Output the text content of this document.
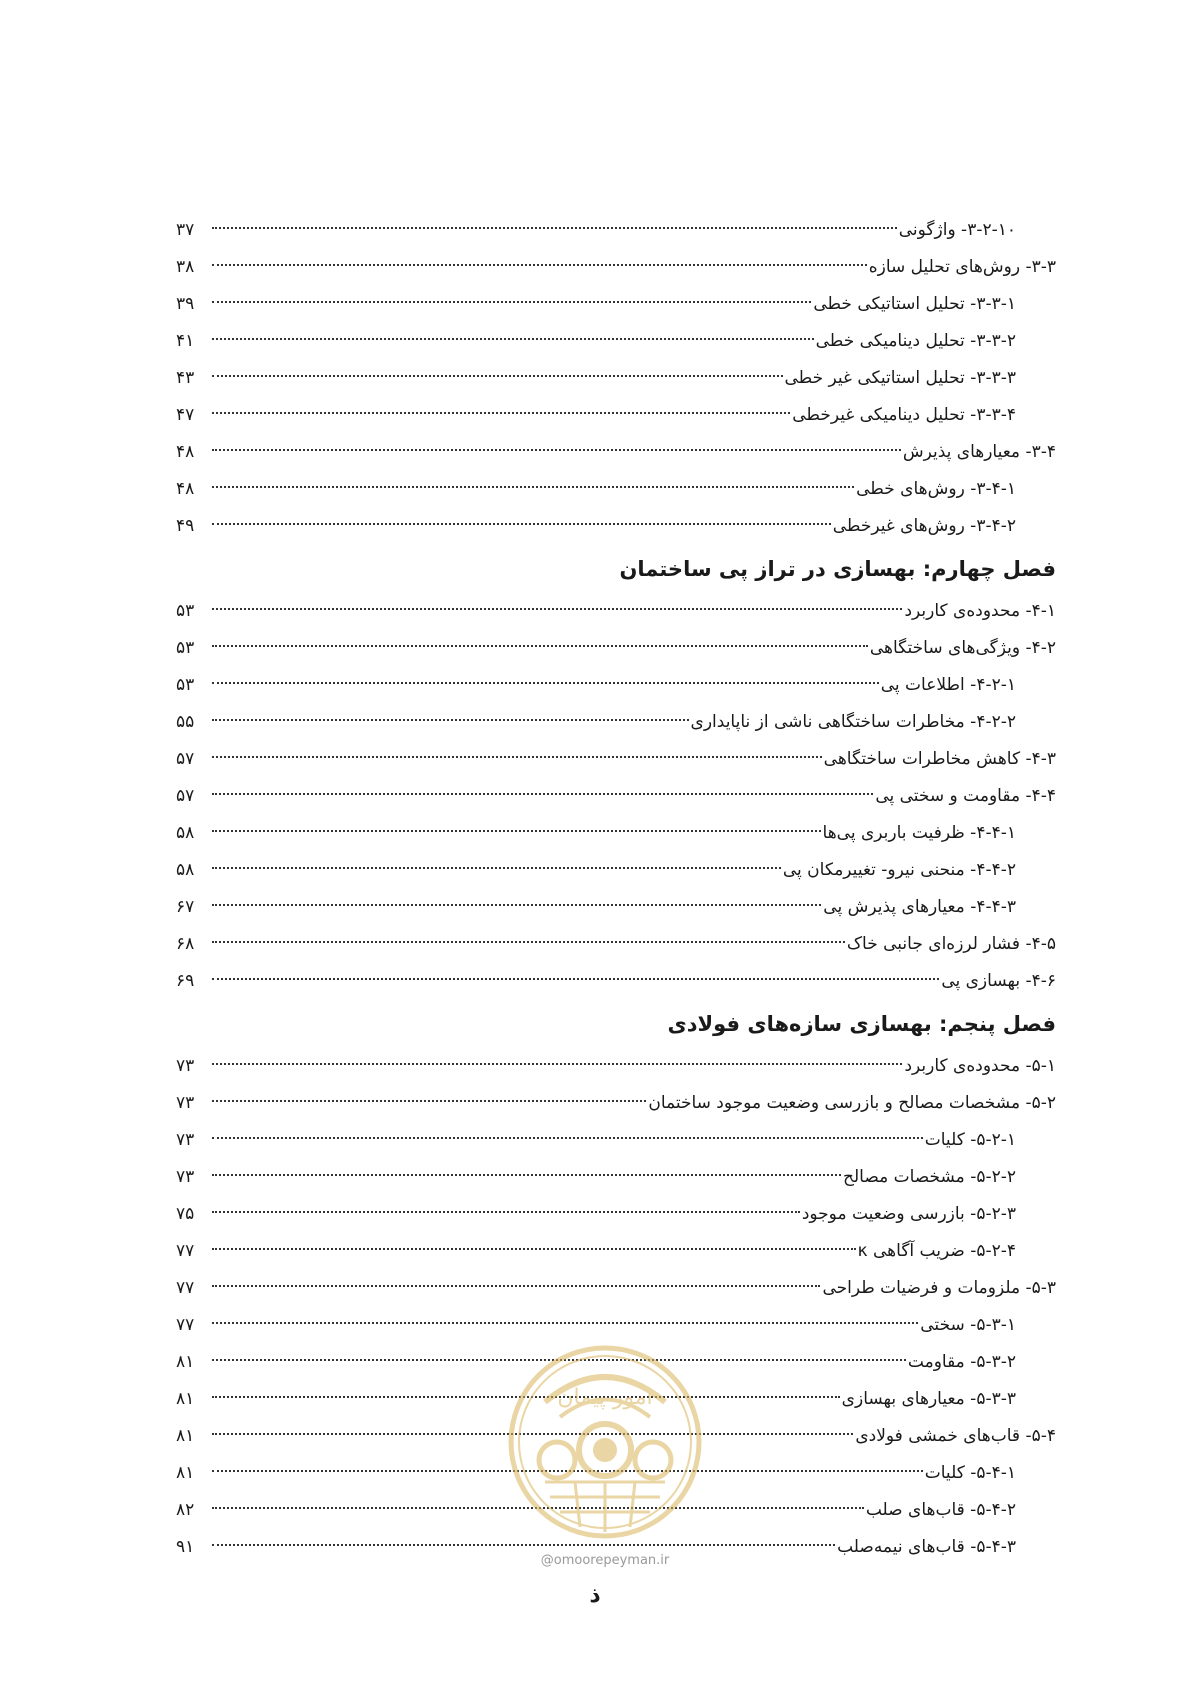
۳-۲-۱۰- واژگونی
۳۷
۳-۳- روش‌های تحلیل سازه
۳۸
۳-۳-۱- تحلیل استاتیکی خطی
۳۹
۳-۳-۲- تحلیل دینامیکی خطی
۴۱
۳-۳-۳- تحلیل استاتیکی غیر خطی
۴۳
۳-۳-۴- تحلیل دینامیکی غیرخطی
۴۷
۳-۴- معیارهای پذیرش
۴۸
۳-۴-۱- روش‌های خطی
۴۸
۳-۴-۲- روش‌های غیرخطی
۴۹
فصل چهارم: بهسازی در تراز پی ساختمان
۴-۱- محدوده‌ی کاربرد
۵۳
۴-۲- ویژگی‌های ساختگاهی
۵۳
۴-۲-۱- اطلاعات پی
۵۳
۴-۲-۲- مخاطرات ساختگاهی ناشی از ناپایداری
۵۵
۴-۳- کاهش مخاطرات ساختگاهی
۵۷
۴-۴- مقاومت و سختی پی
۵۷
۴-۴-۱- ظرفیت باربری پی‌ها
۵۸
۴-۴-۲- منحنی نیرو- تغییرمکان پی
۵۸
۴-۴-۳- معیارهای پذیرش پی
۶۷
۴-۵- فشار لرزه‌ای جانبی خاک
۶۸
۴-۶- بهسازی پی
۶۹
فصل پنجم: بهسازی سازه‌های فولادی
۵-۱- محدوده‌ی کاربرد
۷۳
۵-۲- مشخصات مصالح و بازرسی وضعیت موجود ساختمان
۷۳
۵-۲-۱- کلیات
۷۳
۵-۲-۲- مشخصات مصالح
۷۳
۵-۲-۳- بازرسی وضعیت موجود
۷۵
۵-۲-۴- ضریب آگاهی κ
۷۷
۵-۳- ملزومات و فرضیات طراحی
۷۷
۵-۳-۱- سختی
۷۷
۵-۳-۲- مقاومت
۸۱
۵-۳-۳- معیارهای بهسازی
۸۱
۵-۴- قاب‌های خمشی فولادی
۸۱
۵-۴-۱- کلیات
۸۱
۵-۴-۲- قاب‌های صلب
۸۲
۵-۴-۳- قاب‌های نیمه‌صلب
۹۱
امور پیمان
@omoorepeyman.ir
ذ
